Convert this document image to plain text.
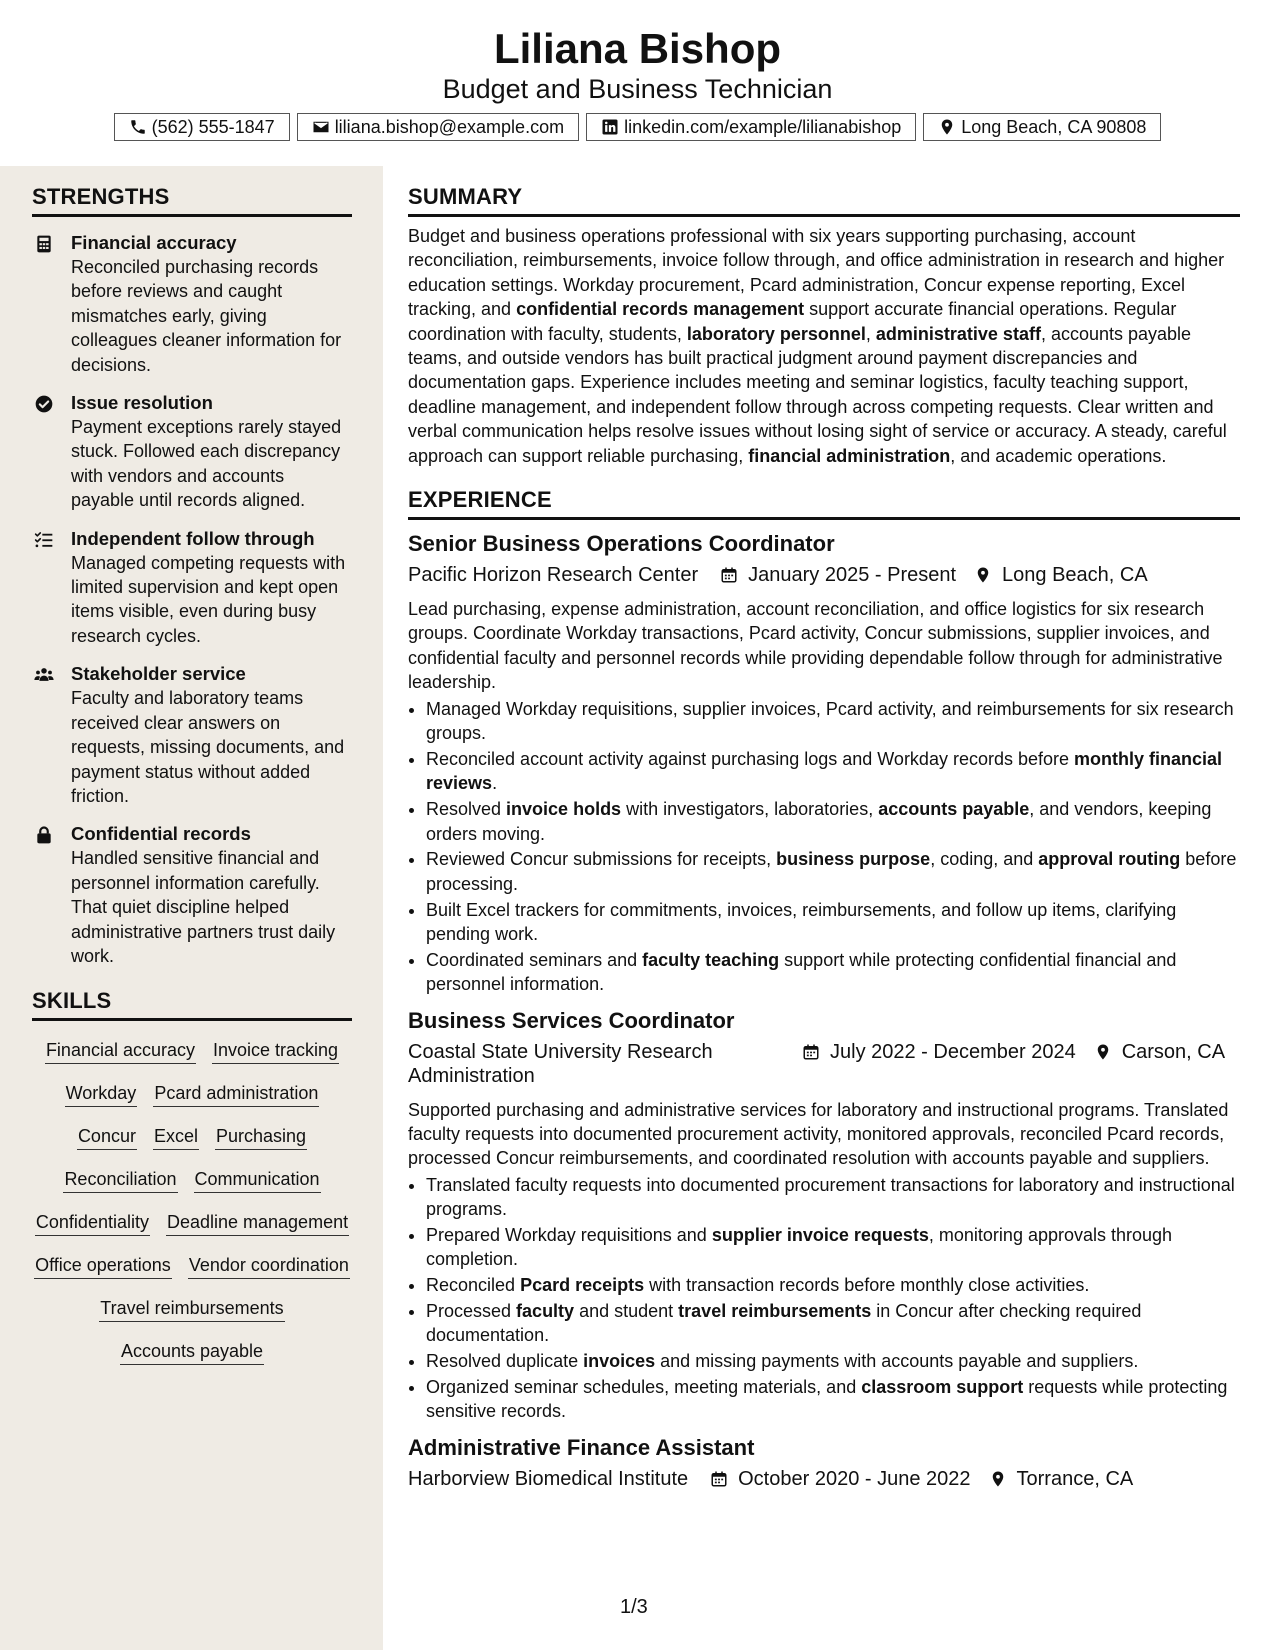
Liliana Bishop
Budget and Business Technician
(562) 555-1847	liliana.bishop@example.com	linkedin.com/example/lilianabishop	Long Beach, CA 90808
STRENGTHS
Financial accuracy
Reconciled purchasing records before reviews and caught mismatches early, giving colleagues cleaner information for decisions.
Issue resolution
Payment exceptions rarely stayed stuck. Followed each discrepancy with vendors and accounts payable until records aligned.
Independent follow through
Managed competing requests with limited supervision and kept open items visible, even during busy research cycles.
Stakeholder service
Faculty and laboratory teams received clear answers on requests, missing documents, and payment status without added friction.
Confidential records
Handled sensitive financial and personnel information carefully. That quiet discipline helped administrative partners trust daily work.
SKILLS
Financial accuracy Invoice tracking
Workday Pcard administration
Concur Excel Purchasing
Reconciliation Communication
Confidentiality Deadline management
Office operations Vendor coordination
Travel reimbursements
Accounts payable
SUMMARY
Budget and business operations professional with six years supporting purchasing, account reconciliation, reimbursements, invoice follow through, and office administration in research and higher education settings. Workday procurement, Pcard administration, Concur expense reporting, Excel tracking, and confidential records management support accurate financial operations. Regular coordination with faculty, students, laboratory personnel, administrative staff, accounts payable teams, and outside vendors has built practical judgment around payment discrepancies and documentation gaps. Experience includes meeting and seminar logistics, faculty teaching support, deadline management, and independent follow through across competing requests. Clear written and verbal communication helps resolve issues without losing sight of service or accuracy. A steady, careful approach can support reliable purchasing, financial administration, and academic operations.
EXPERIENCE
Senior Business Operations Coordinator
Pacific Horizon Research Center	January 2025 - Present Long Beach, CA
Lead purchasing, expense administration, account reconciliation, and office logistics for six research groups. Coordinate Workday transactions, Pcard activity, Concur submissions, supplier invoices, and confidential faculty and personnel records while providing dependable follow through for administrative leadership.
• Managed Workday requisitions, supplier invoices, Pcard activity, and reimbursements for six research groups.
• Reconciled account activity against purchasing logs and Workday records before monthly financial reviews.
• Resolved invoice holds with investigators, laboratories, accounts payable, and vendors, keeping orders moving.
• Reviewed Concur submissions for receipts, business purpose, coding, and approval routing before processing.
• Built Excel trackers for commitments, invoices, reimbursements, and follow up items, clarifying pending work.
• Coordinated seminars and faculty teaching support while protecting confidential financial and personnel information.
Business Services Coordinator
Coastal State University Research Administration
July 2022 - December 2024 Carson, CA
Supported purchasing and administrative services for laboratory and instructional programs. Translated faculty requests into documented procurement activity, monitored approvals, reconciled Pcard records, processed Concur reimbursements, and coordinated resolution with accounts payable and suppliers.
• Translated faculty requests into documented procurement transactions for laboratory and instructional programs.
• Prepared Workday requisitions and supplier invoice requests, monitoring approvals through completion.
• Reconciled Pcard receipts with transaction records before monthly close activities.
• Processed faculty and student travel reimbursements in Concur after checking required documentation.
• Resolved duplicate invoices and missing payments with accounts payable and suppliers.
• Organized seminar schedules, meeting materials, and classroom support requests while protecting sensitive records.
Administrative Finance Assistant
Harborview Biomedical Institute	October 2020 - June 2022 Torrance, CA
1/3
